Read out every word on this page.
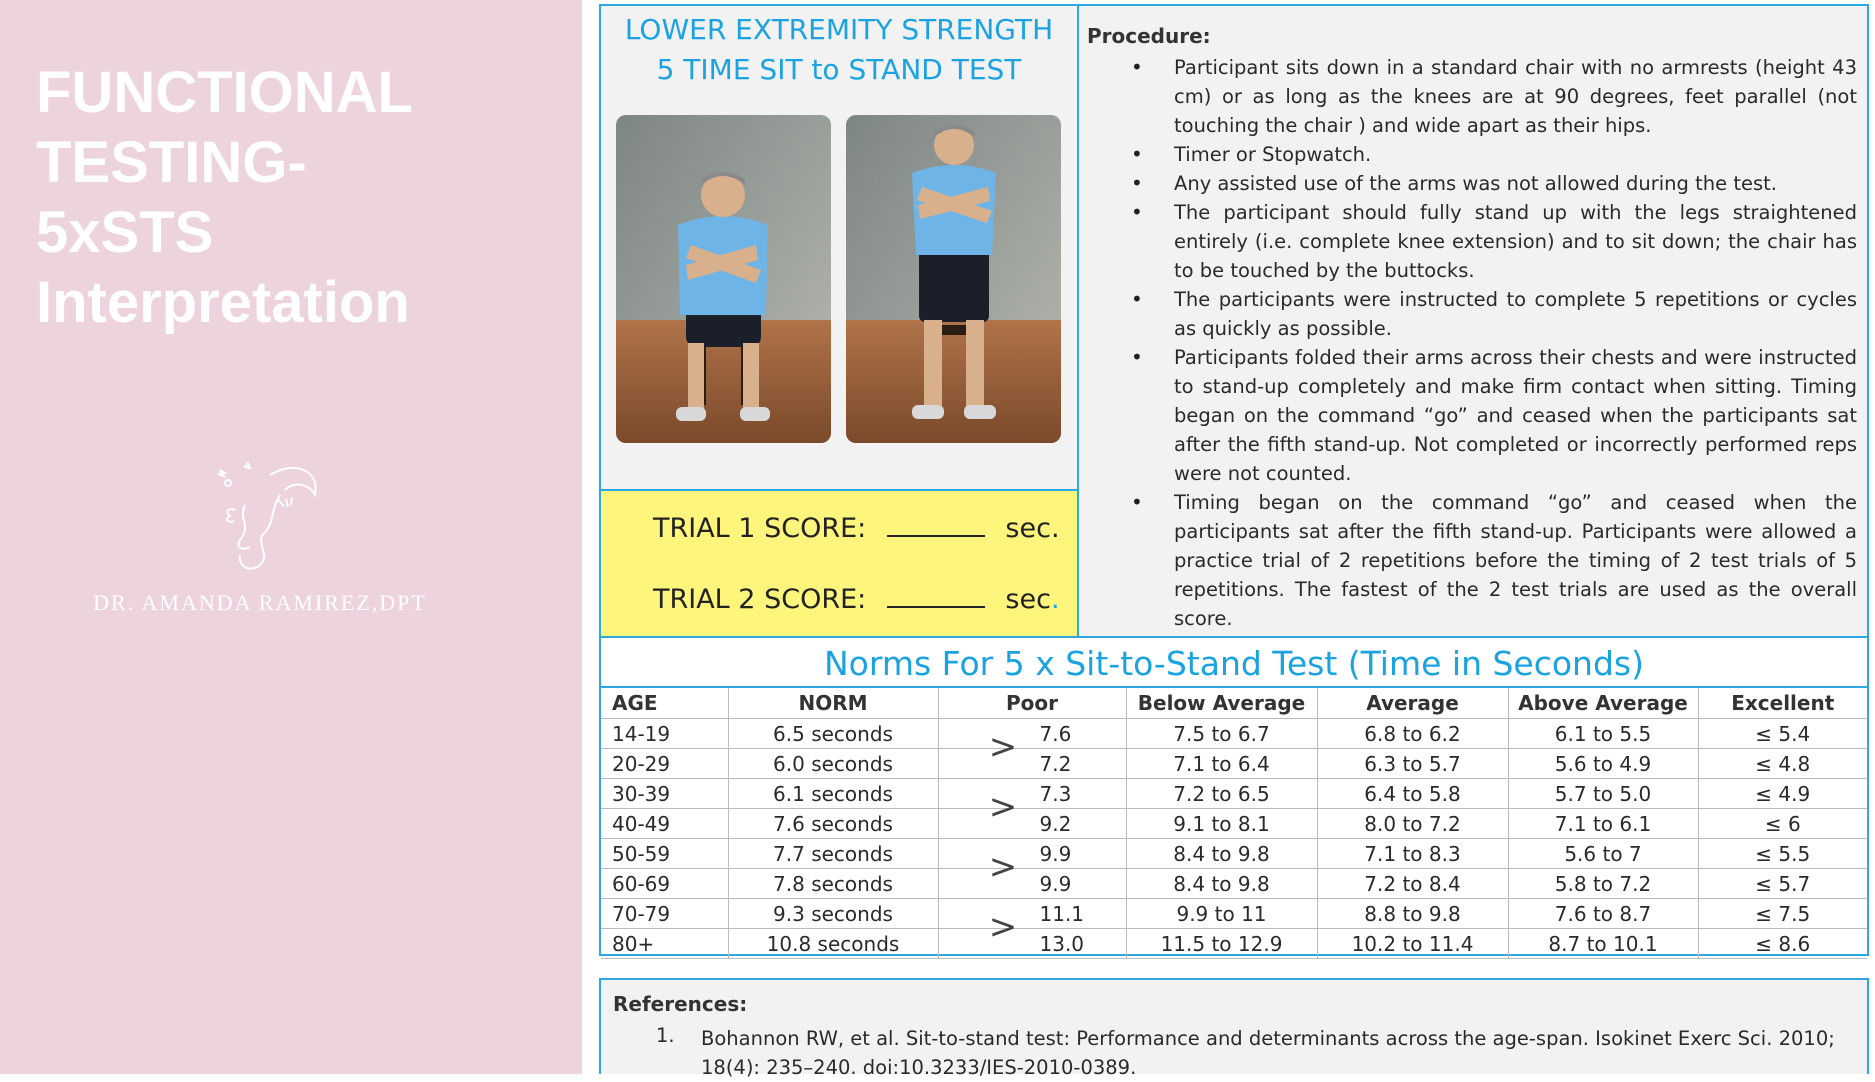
FUNCTIONAL
TESTING-
5xSTS
Interpretation
DR. AMANDA RAMIREZ,DPT
LOWER EXTREMITY STRENGTH
5 TIME SIT to STAND TEST
TRIAL 1 SCORE:	sec.
TRIAL 2 SCORE:	sec.
Procedure:
• Participant sits down in a standard chair with no armrests (height 43 cm) or as long as the knees are at 90 degrees, feet parallel (not touching the chair ) and wide apart as their hips.
• Timer or Stopwatch.
• Any assisted use of the arms was not allowed during the test.
• The participant should fully stand up with the legs straightened entirely (i.e. complete knee extension) and to sit down; the chair has to be touched by the buttocks.
• The participants were instructed to complete 5 repetitions or cycles as quickly as possible.
• Participants folded their arms across their chests and were instructed to stand-up completely and make firm contact when sitting. Timing began on the command “go” and ceased when the participants sat after the fifth stand-up. Not completed or incorrectly performed reps were not counted.
• Timing began on the command “go” and ceased when the participants sat after the fifth stand-up. Participants were allowed a practice trial of 2 repetitions before the timing of 2 test trials of 5 repetitions. The fastest of the 2 test trials are used as the overall score.
Norms For 5 x Sit-to-Stand Test (Time in Seconds)
AGE	NORM	Poor	Below Average	Average	Above Average	Excellent
14-19	6.5 seconds	7.6	7.5 to 6.7	6.8 to 6.2	6.1 to 5.5	≤ 5.4
20-29	6.0 seconds	7.2	7.1 to 6.4	6.3 to 5.7	5.6 to 4.9	≤ 4.8
30-39	6.1 seconds	7.3	7.2 to 6.5	6.4 to 5.8	5.7 to 5.0	≤ 4.9
40-49	7.6 seconds	9.2	9.1 to 8.1	8.0 to 7.2	7.1 to 6.1	≤ 6
50-59	7.7 seconds	9.9	8.4 to 9.8	7.1 to 8.3	5.6 to 7	≤ 5.5
60-69	7.8 seconds	9.9	8.4 to 9.8	7.2 to 8.4	5.8 to 7.2	≤ 5.7
70-79	9.3 seconds	11.1	9.9 to 11	8.8 to 9.8	7.6 to 8.7	≤ 7.5
80+	10.8 seconds	13.0	11.5 to 12.9	10.2 to 11.4	8.7 to 10.1	≤ 8.6
>
>
>
>
References:
1. Bohannon RW, et al. Sit-to-stand test: Performance and determinants across the age-span. Isokinet Exerc Sci. 2010; 18(4): 235–240. doi:10.3233/IES-2010-0389.
